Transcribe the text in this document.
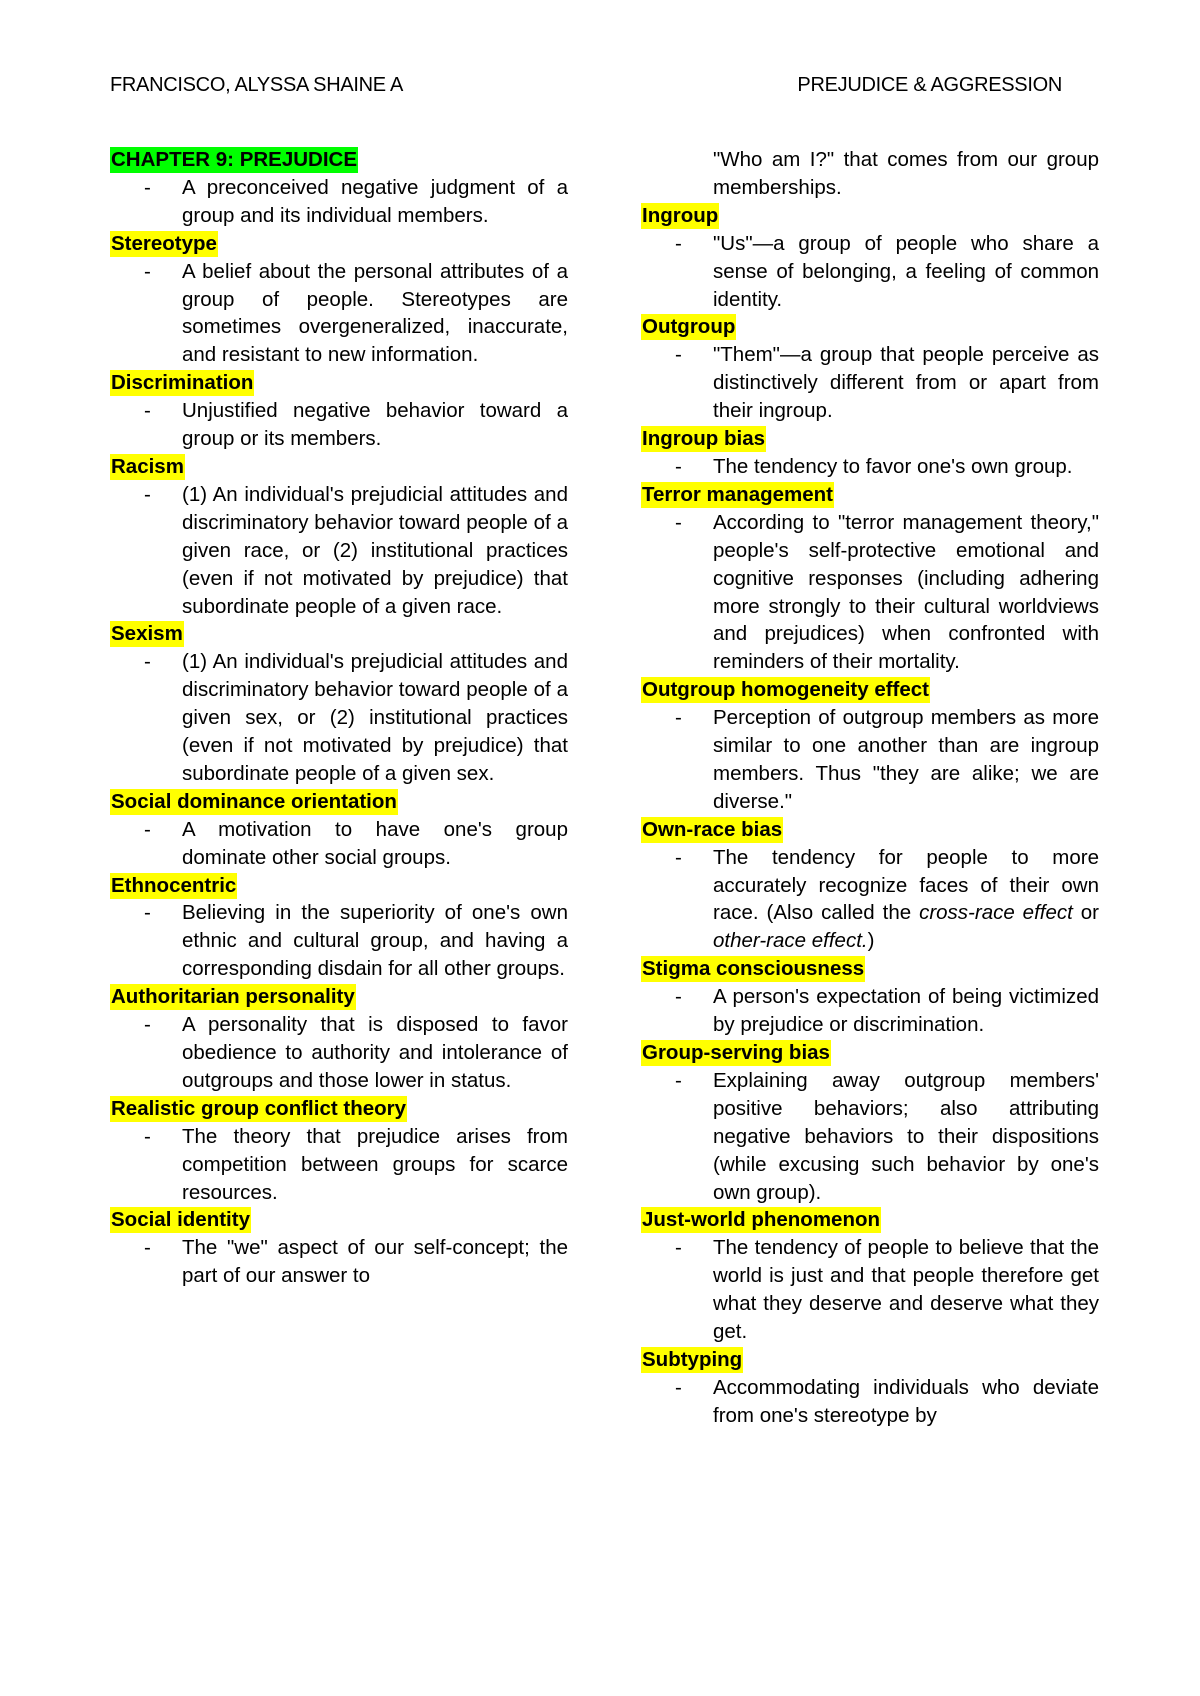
FRANCISCO, ALYSSA SHAINE A	PREJUDICE & AGGRESSION

CHAPTER 9: PREJUDICE

- A preconceived negative judgment of a group and its individual members.

Stereotype

- A belief about the personal attributes of a group of people. Stereotypes are sometimes overgeneralized, inaccurate, and resistant to new information.

Discrimination

- Unjustified negative behavior toward a group or its members.

Racism

- (1) An individual's prejudicial attitudes and discriminatory behavior toward people of a given race, or (2) institutional practices (even if not motivated by prejudice) that subordinate people of a given race.

Sexism

- (1) An individual's prejudicial attitudes and discriminatory behavior toward people of a given sex, or (2) institutional practices (even if not motivated by prejudice) that subordinate people of a given sex.

Social dominance orientation

- A motivation to have one's group dominate other social groups.

Ethnocentric

- Believing in the superiority of one's own ethnic and cultural group, and having a corresponding disdain for all other groups.

Authoritarian personality

- A personality that is disposed to favor obedience to authority and intolerance of outgroups and those lower in status.

Realistic group conflict theory

- The theory that prejudice arises from competition between groups for scarce resources.

Social identity

- The "we" aspect of our self-concept; the part of our answer to

"Who am I?" that comes from our group memberships.

Ingroup

- "Us"—a group of people who share a sense of belonging, a feeling of common identity.

Outgroup

- "Them"—a group that people perceive as distinctively different from or apart from their ingroup.

Ingroup bias

- The tendency to favor one's own group.

Terror management

- According to "terror management theory," people's self-protective emotional and cognitive responses (including adhering more strongly to their cultural worldviews and prejudices) when confronted with reminders of their mortality.

Outgroup homogeneity effect

- Perception of outgroup members as more similar to one another than are ingroup members. Thus "they are alike; we are diverse."

Own-race bias

- The tendency for people to more accurately recognize faces of their own race. (Also called the cross-race effect or other-race effect.)

Stigma consciousness

- A person's expectation of being victimized by prejudice or discrimination.

Group-serving bias

- Explaining away outgroup members' positive behaviors; also attributing negative behaviors to their dispositions (while excusing such behavior by one's own group).

Just-world phenomenon

- The tendency of people to believe that the world is just and that people therefore get what they deserve and deserve what they get.

Subtyping

- Accommodating individuals who deviate from one's stereotype by
